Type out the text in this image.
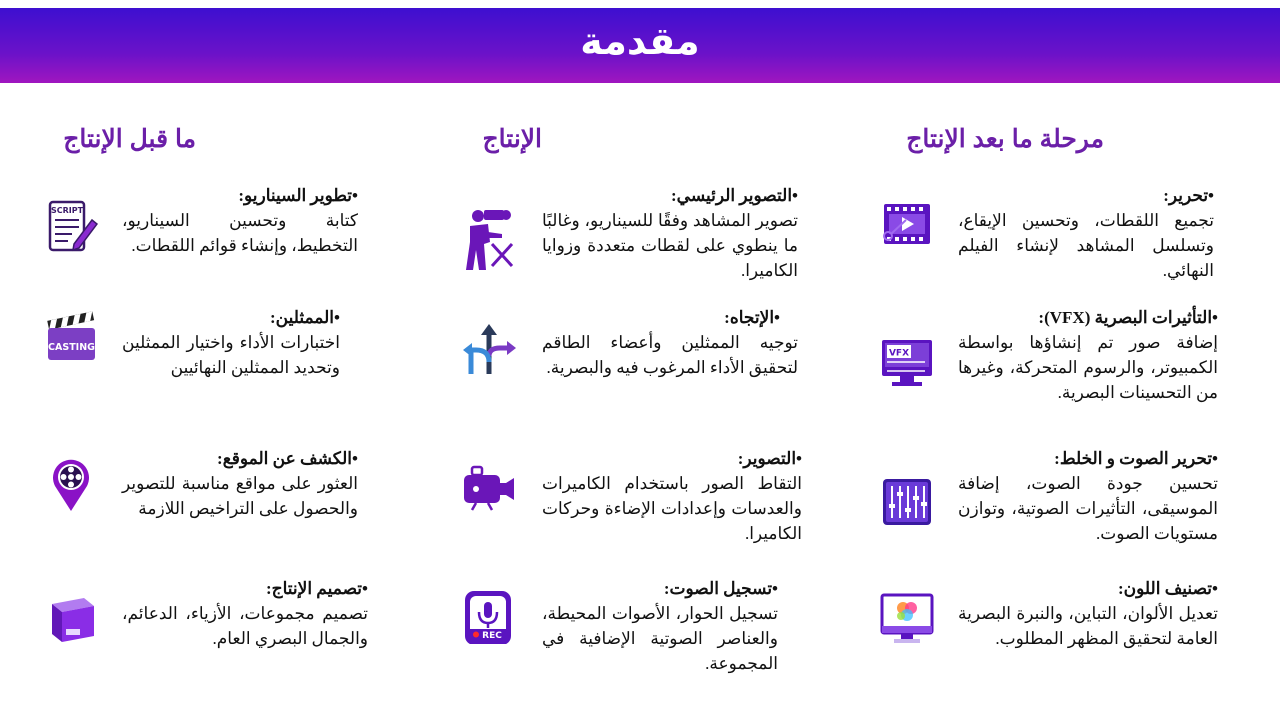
مقدمة
ما قبل الإنتاج	الإنتاج	مرحلة ما بعد الإنتاج
•تطوير السيناريو:
كتابة وتحسين السيناريو، التخطيط، وإنشاء قوائم اللقطات.
SCRIPT
•الممثلين:
اختبارات الأداء واختيار الممثلين وتحديد الممثلين النهائيين
CASTING
•الكشف عن الموقع:
العثور على مواقع مناسبة للتصوير والحصول على التراخيص اللازمة
•تصميم الإنتاج:
تصميم مجموعات، الأزياء، الدعائم، والجمال البصري العام.
•التصوير الرئيسي:
تصوير المشاهد وفقًا للسيناريو، وغالبًا ما ينطوي على لقطات متعددة وزوايا الكاميرا.
•الإتجاه:
توجيه الممثلين وأعضاء الطاقم لتحقيق الأداء المرغوب فيه والبصرية.
•التصوير:
التقاط الصور باستخدام الكاميرات والعدسات وإعدادات الإضاءة وحركات الكاميرا.
•تسجيل الصوت:
تسجيل الحوار، الأصوات المحيطة، والعناصر الصوتية الإضافية في المجموعة.
REC
•تحرير:
تجميع اللقطات، وتحسين الإيقاع، وتسلسل المشاهد لإنشاء الفيلم النهائي.
•التأثيرات البصرية (VFX):
إضافة صور تم إنشاؤها بواسطة الكمبيوتر، والرسوم المتحركة، وغيرها من التحسينات البصرية.
VFX
•تحرير الصوت و الخلط:
تحسين جودة الصوت، إضافة الموسيقى، التأثيرات الصوتية، وتوازن مستويات الصوت.
•تصنيف اللون:
تعديل الألوان، التباين، والنبرة البصرية العامة لتحقيق المظهر المطلوب.
